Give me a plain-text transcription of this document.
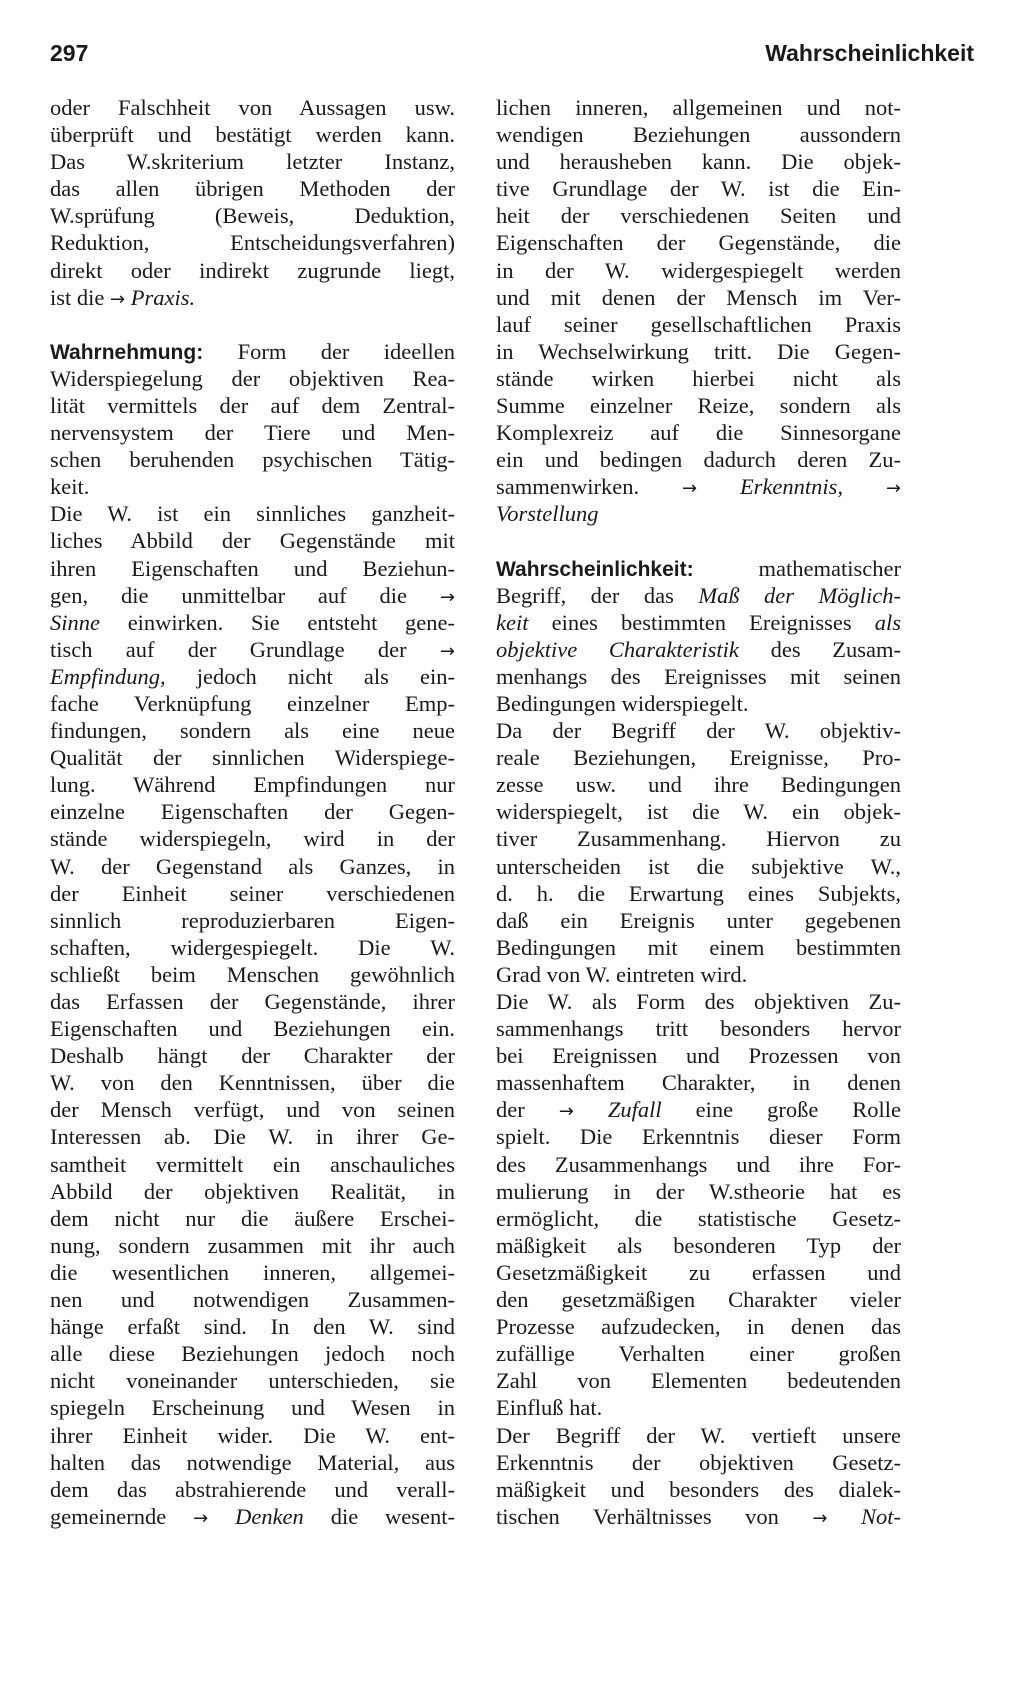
297	Wahrscheinlichkeit

oder Falschheit von Aussagen usw.
überprüft und bestätigt werden kann.
Das W.skriterium letzter Instanz,
das allen übrigen Methoden der
W.sprüfung (Beweis, Deduktion,
Reduktion, Entscheidungsverfahren)
direkt oder indirekt zugrunde liegt,
ist die → Praxis.

Wahrnehmung: Form der ideellen
Widerspiegelung der objektiven Rea-
lität vermittels der auf dem Zentral-
nervensystem der Tiere und Men-
schen beruhenden psychischen Tätig-
keit.
Die W. ist ein sinnliches ganzheit-
liches Abbild der Gegenstände mit
ihren Eigenschaften und Beziehun-
gen, die unmittelbar auf die →
Sinne einwirken. Sie entsteht gene-
tisch auf der Grundlage der →
Empfindung, jedoch nicht als ein-
fache Verknüpfung einzelner Emp-
findungen, sondern als eine neue
Qualität der sinnlichen Widerspiege-
lung. Während Empfindungen nur
einzelne Eigenschaften der Gegen-
stände widerspiegeln, wird in der
W. der Gegenstand als Ganzes, in
der Einheit seiner verschiedenen
sinnlich reproduzierbaren Eigen-
schaften, widergespiegelt. Die W.
schließt beim Menschen gewöhnlich
das Erfassen der Gegenstände, ihrer
Eigenschaften und Beziehungen ein.
Deshalb hängt der Charakter der
W. von den Kenntnissen, über die
der Mensch verfügt, und von seinen
Interessen ab. Die W. in ihrer Ge-
samtheit vermittelt ein anschauliches
Abbild der objektiven Realität, in
dem nicht nur die äußere Erschei-
nung, sondern zusammen mit ihr auch
die wesentlichen inneren, allgemei-
nen und notwendigen Zusammen-
hänge erfaßt sind. In den W. sind
alle diese Beziehungen jedoch noch
nicht voneinander unterschieden, sie
spiegeln Erscheinung und Wesen in
ihrer Einheit wider. Die W. ent-
halten das notwendige Material, aus
dem das abstrahierende und verall-
gemeinernde → Denken die wesent-

lichen inneren, allgemeinen und not-
wendigen Beziehungen aussondern
und herausheben kann. Die objek-
tive Grundlage der W. ist die Ein-
heit der verschiedenen Seiten und
Eigenschaften der Gegenstände, die
in der W. widergespiegelt werden
und mit denen der Mensch im Ver-
lauf seiner gesellschaftlichen Praxis
in Wechselwirkung tritt. Die Gegen-
stände wirken hierbei nicht als
Summe einzelner Reize, sondern als
Komplexreiz auf die Sinnesorgane
ein und bedingen dadurch deren Zu-
sammenwirken. → Erkenntnis, →
Vorstellung

Wahrscheinlichkeit:	mathematischer
Begriff, der das Maß der Möglich-
keit eines bestimmten Ereignisses als
objektive Charakteristik des Zusam-
menhangs des Ereignisses mit seinen
Bedingungen widerspiegelt.
Da der Begriff der W. objektiv-
reale Beziehungen, Ereignisse, Pro-
zesse usw. und ihre Bedingungen
widerspiegelt, ist die W. ein objek-
tiver Zusammenhang. Hiervon zu
unterscheiden ist die subjektive W.,
d. h. die Erwartung eines Subjekts,
daß ein Ereignis unter gegebenen
Bedingungen mit einem bestimmten
Grad von W. eintreten wird.
Die W. als Form des objektiven Zu-
sammenhangs tritt besonders hervor
bei Ereignissen und Prozessen von
massenhaftem Charakter, in denen
der → Zufall eine große Rolle
spielt. Die Erkenntnis dieser Form
des Zusammenhangs und ihre For-
mulierung in der W.stheorie hat es
ermöglicht, die statistische Gesetz-
mäßigkeit als besonderen Typ der
Gesetzmäßigkeit zu erfassen und
den gesetzmäßigen Charakter vieler
Prozesse aufzudecken, in denen das
zufällige Verhalten einer großen
Zahl von Elementen bedeutenden
Einfluß hat.
Der Begriff der W. vertieft unsere
Erkenntnis der objektiven Gesetz-
mäßigkeit und besonders des dialek-
tischen Verhältnisses von → Not-
